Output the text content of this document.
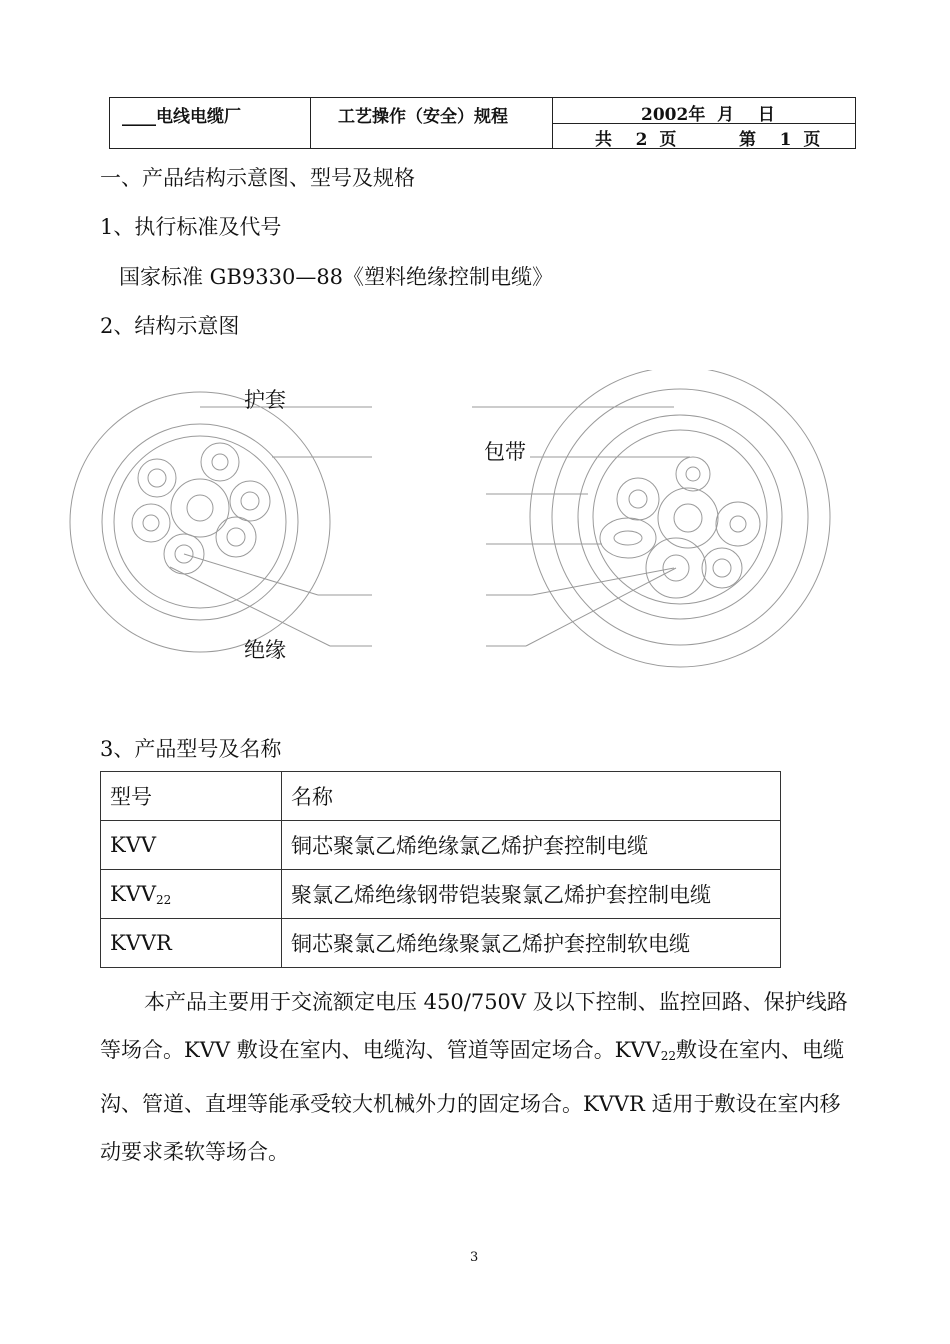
____电线电缆厂	工艺操作（安全）规程	2002年  月    日
共    2  页	第    1  页
一、产品结构示意图、型号及规格
1、执行标准及代号
国家标准 GB9330—88《塑料绝缘控制电缆》
2、结构示意图
护套
包带
绝缘
3、产品型号及名称
型号	名称
KVV	铜芯聚氯乙烯绝缘氯乙烯护套控制电缆
$KVV_{22}$	聚氯乙烯绝缘钢带铠装聚氯乙烯护套控制电缆
KVVR	铜芯聚氯乙烯绝缘聚氯乙烯护套控制软电缆
本产品主要用于交流额定电压 450/750V 及以下控制、监控回路、保护线路等场合。KVV 敷设在室内、电缆沟、管道等固定场合。$KVV_{22}$敷设在室内、电缆沟、管道、直埋等能承受较大机械外力的固定场合。KVVR 适用于敷设在室内移动要求柔软等场合。
3
